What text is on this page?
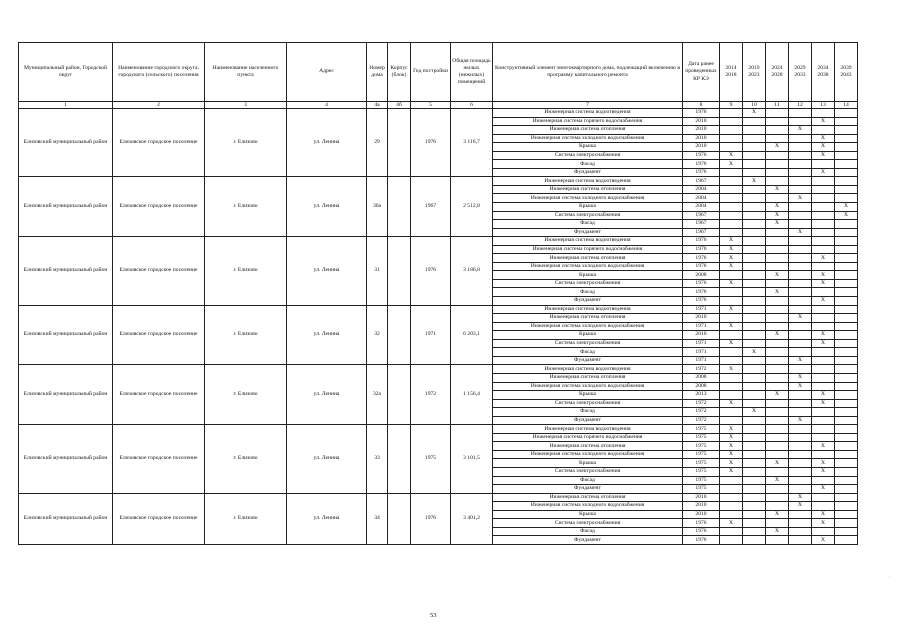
Муниципальный район, Городской округ	Наименование городского округа, городского (сельского) поселения	Наименование населенного пункта	Адрес	Номер дома	Корпус (блок)	Год постройки	Общая площадь жилых (нежилых) помещений	Конструктивный элемент многоквартирного дома, подлежащий включению в программу капитального ремонта	Дата ранее проведенных КР КЭ	2014 2018	2019 2023	2024 2028	2029 2033	2034 2038	2039 2043
1	2	3	4	4а	4б	5	6	7	8	9	10	11	12	13	14
Елизовский муниципальный район	Елизовское городское поселение	г. Елизово	ул. Ленина	29		1976	3 116,7	Инженерная система водоотведения	1976		X				
								Инженерная система горячего водоснабжения	2010					X	
								Инженерная система отопления	2010				X		
								Инженерная система холодного водоснабжения	2010					X	
								Крыша	2010			X		X	
								Система электроснабжения	1976	X				X	
								Фасад	1976	X					
								Фундамент	1976					X	
Елизовский муниципальный район	Елизовское городское поселение	г. Елизово	ул. Ленина	30а		1967	2 512,8	Инженерная система водоотведения	1967		X				
								Инженерная система отопления	2004			X			
								Инженерная система холодного водоснабжения	2004				X		
								Крыша	2004			X			X
								Система электроснабжения	1967			X			X
								Фасад	1967			X			
								Фундамент	1967				X		
Елизовский муниципальный район	Елизовское городское поселение	г. Елизово	ул. Ленина	31		1976	3 186,8	Инженерная система водоотведения	1976	X					
								Инженерная система горячего водоснабжения	1976	X					
								Инженерная система отопления	1976	X				X	
								Инженерная система холодного водоснабжения	1976	X					
								Крыша	2008			X		X	
								Система электроснабжения	1976	X				X	
								Фасад	1976			X			
								Фундамент	1976					X	
Елизовский муниципальный район	Елизовское городское поселение	г. Елизово	ул. Ленина	32		1971	6 203,1	Инженерная система водоотведения	1971	X					
								Инженерная система отопления	2010				X		
								Инженерная система холодного водоснабжения	1971	X					
								Крыша	2010			X		X	
								Система электроснабжения	1971	X				X	
								Фасад	1971		X				
								Фундамент	1971				X		
Елизовский муниципальный район	Елизовское городское поселение	г. Елизово	ул. Ленина	32а		1972	1 156,4	Инженерная система водоотведения	1972	X					
								Инженерная система отопления	2008				X		
								Инженерная система холодного водоснабжения	2008				X		
								Крыша	2013			X		X	
								Система электроснабжения	1972	X				X	
								Фасад	1972		X				
								Фундамент	1972				X		
Елизовский муниципальный район	Елизовское городское поселение	г. Елизово	ул. Ленина	33		1975	3 101,5	Инженерная система водоотведения	1975	X					
								Инженерная система горячего водоснабжения	1975	X					
								Инженерная система отопления	1975	X				X	
								Инженерная система холодного водоснабжения	1975	X					
								Крыша	1975	X		X		X	
								Система электроснабжения	1975	X				X	
								Фасад	1975			X			
								Фундамент	1975					X	
Елизовский муниципальный район	Елизовское городское поселение	г. Елизово	ул. Ленина	34		1976	3 401,2	Инженерная система отопления	2010				X		
								Инженерная система холодного водоснабжения	2010				X		
								Крыша	2010			X		X	
								Система электроснабжения	1976	X				X	
								Фасад	1976			X			
								Фундамент	1976					X	
53
·
